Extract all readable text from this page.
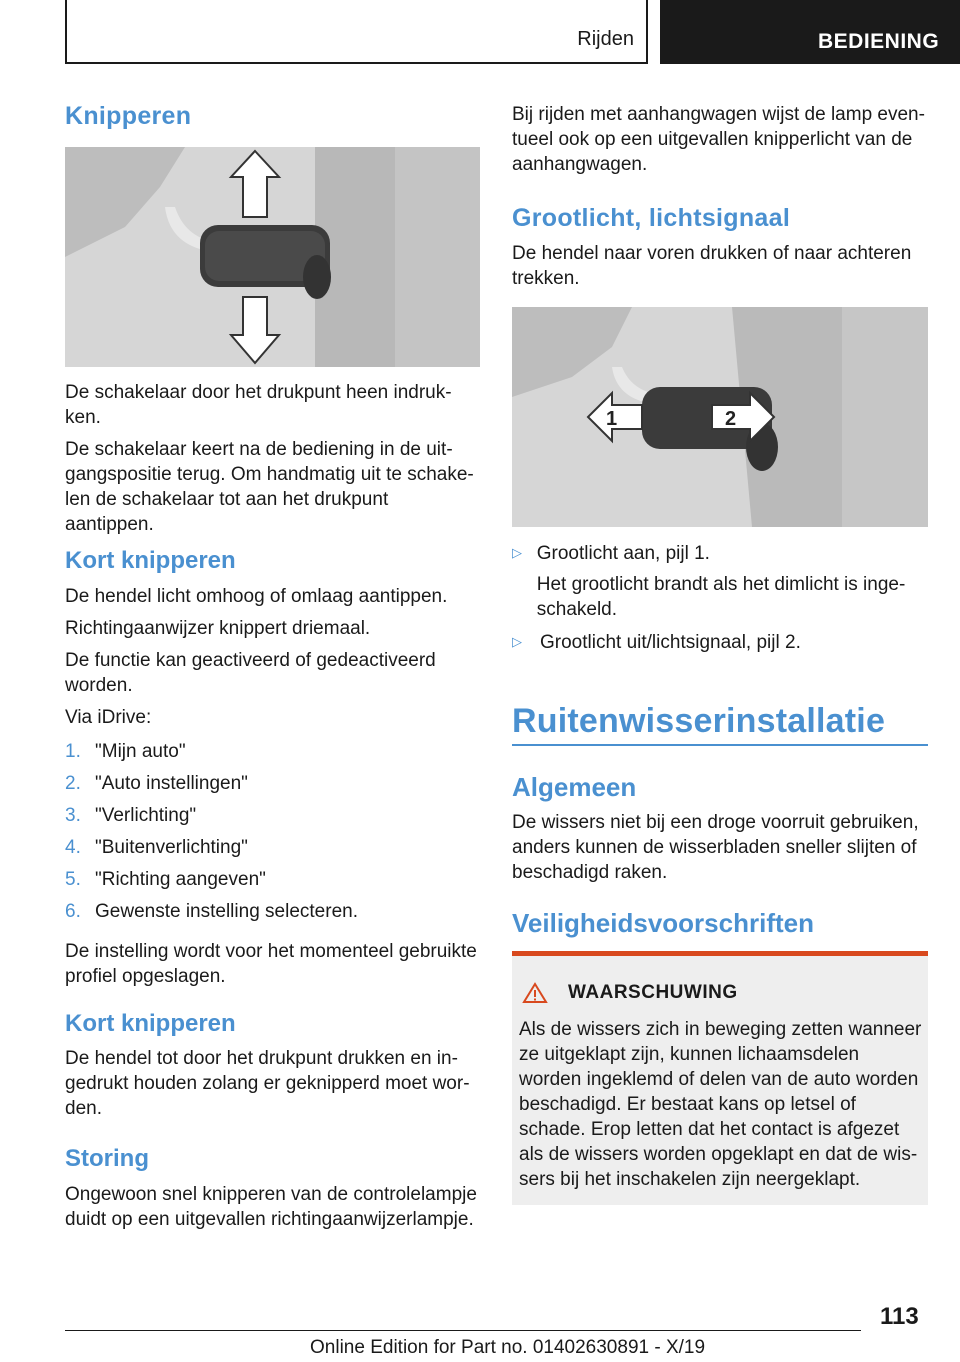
Rijden	BEDIENING
Knipperen
De schakelaar door het drukpunt heen indrukken.
De schakelaar keert na de bediening in de uitgangspositie terug. Om handmatig uit te schakelen de schakelaar tot aan het drukpunt aantippen.
Kort knipperen
De hendel licht omhoog of omlaag aantippen.
Richtingaanwijzer knippert driemaal.
De functie kan geactiveerd of gedeactiveerd worden.
Via iDrive:
1. "Mijn auto"
2. "Auto instellingen"
3. "Verlichting"
4. "Buitenverlichting"
5. "Richting aangeven"
6. Gewenste instelling selecteren.
De instelling wordt voor het momenteel gebruikte profiel opgeslagen.
Kort knipperen
De hendel tot door het drukpunt drukken en ingedrukt houden zolang er geknipperd moet worden.
Storing
Ongewoon snel knipperen van de controlelampje duidt op een uitgevallen richtingaanwijzerlampje.
Bij rijden met aanhangwagen wijst de lamp eventueel ook op een uitgevallen knipperlicht van de aanhangwagen.
Grootlicht, lichtsignaal
De hendel naar voren drukken of naar achteren trekken.
1	2
▷ Grootlicht aan, pijl 1.
Het grootlicht brandt als het dimlicht is ingeschakeld.
▷ Grootlicht uit/lichtsignaal, pijl 2.
Ruitenwisserinstallatie
Algemeen
De wissers niet bij een droge voorruit gebruiken, anders kunnen de wisserbladen sneller slijten of beschadigd raken.
Veiligheidsvoorschriften
WAARSCHUWING
Als de wissers zich in beweging zetten wanneer ze uitgeklapt zijn, kunnen lichaamsdelen worden ingeklemd of delen van de auto worden beschadigd. Er bestaat kans op letsel of schade. Erop letten dat het contact is afgezet als de wissers worden opgeklapt en dat de wissers bij het inschakelen zijn neergeklapt.
113
Online Edition for Part no. 01402630891 - X/19
